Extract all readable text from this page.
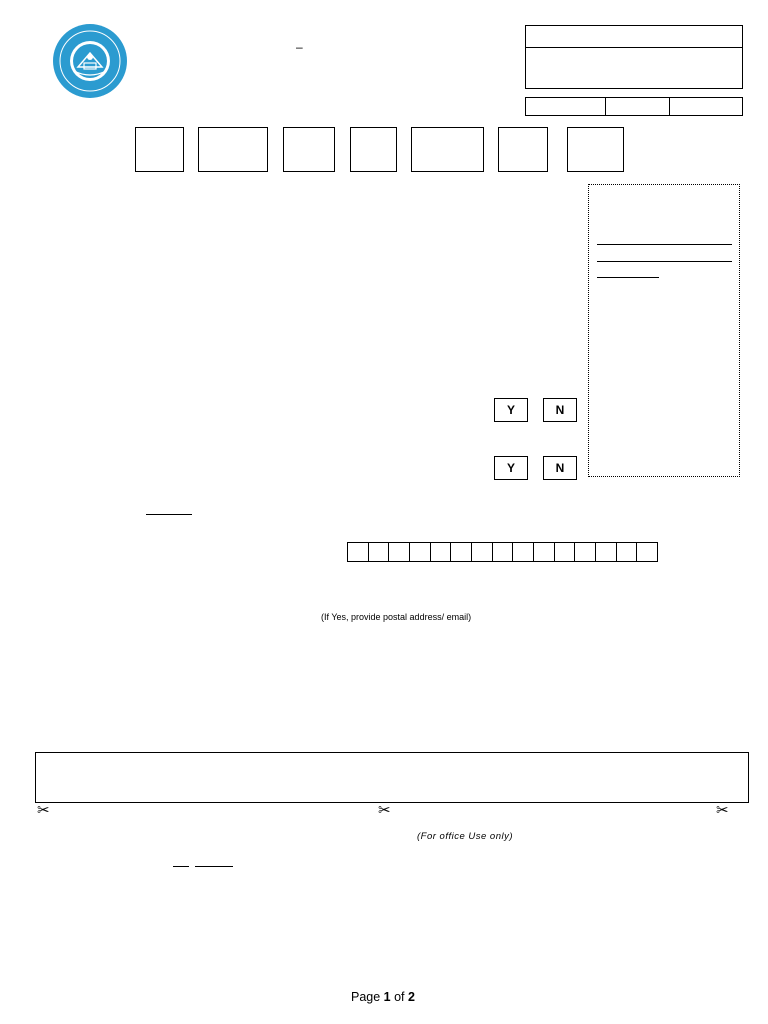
–
Y	N
Y	N
(If Yes, provide postal address/ email)
✂	✂	✂
(For office Use only)
Page 1 of 2
